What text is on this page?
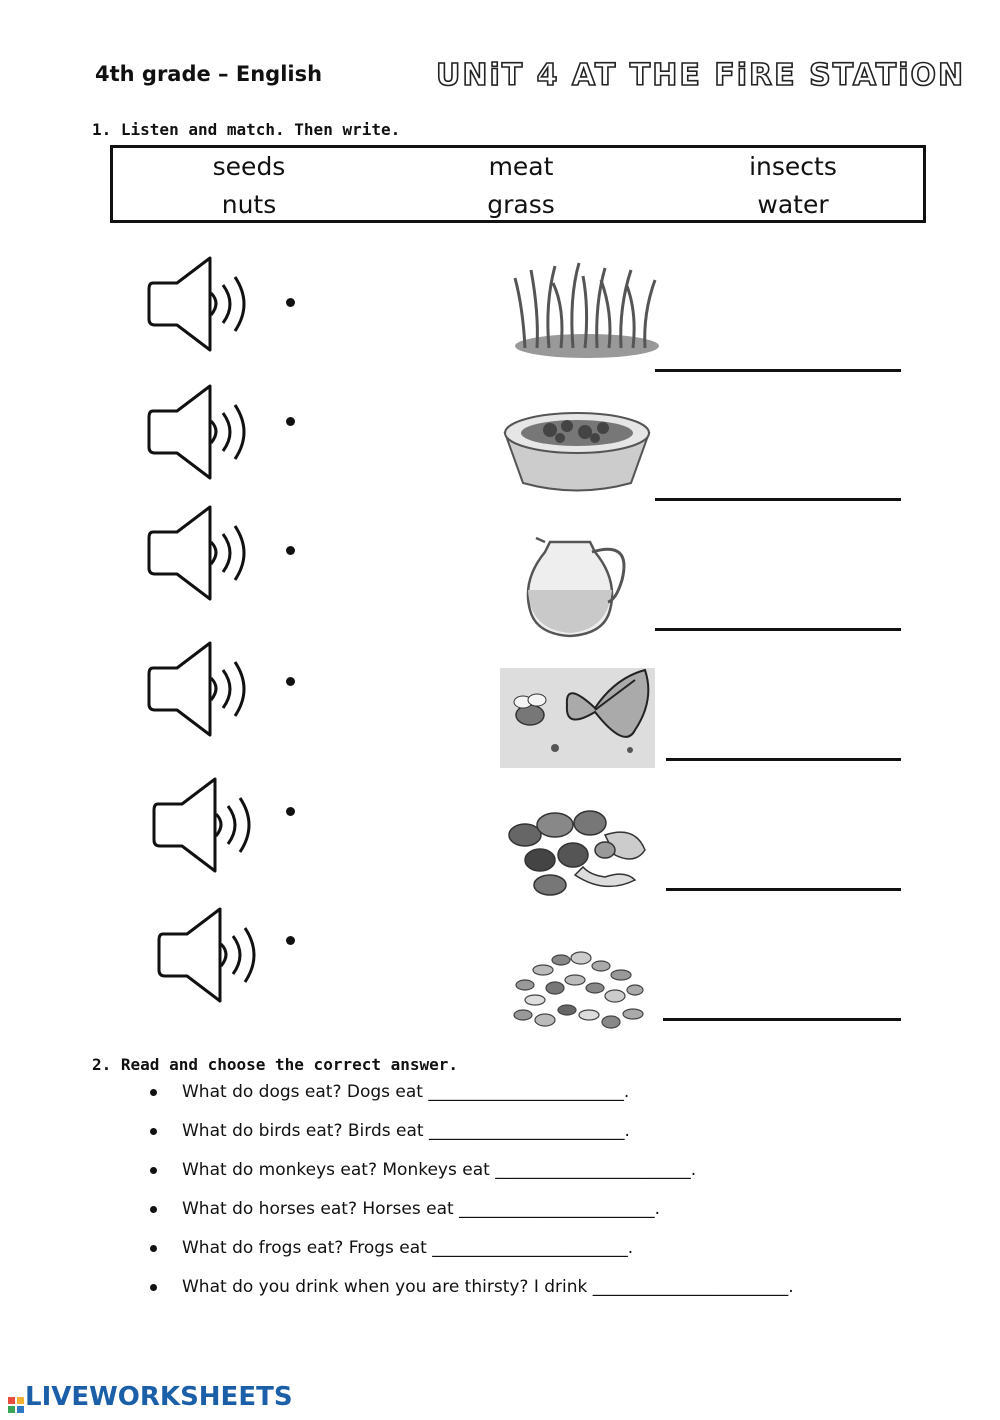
4th grade – English	UNiT 4 AT THE FiRE STATiON
1. Listen and match. Then write.
seeds	meat	insects
nuts	grass	water
2. Read and choose the correct answer.
What do dogs eat? Dogs eat _______________________.
What do birds eat? Birds eat _______________________.
What do monkeys eat? Monkeys eat _______________________.
What do horses eat? Horses eat _______________________.
What do frogs eat? Frogs eat _______________________.
What do you drink when you are thirsty? I drink _______________________.
LIVEWORKSHEETS
